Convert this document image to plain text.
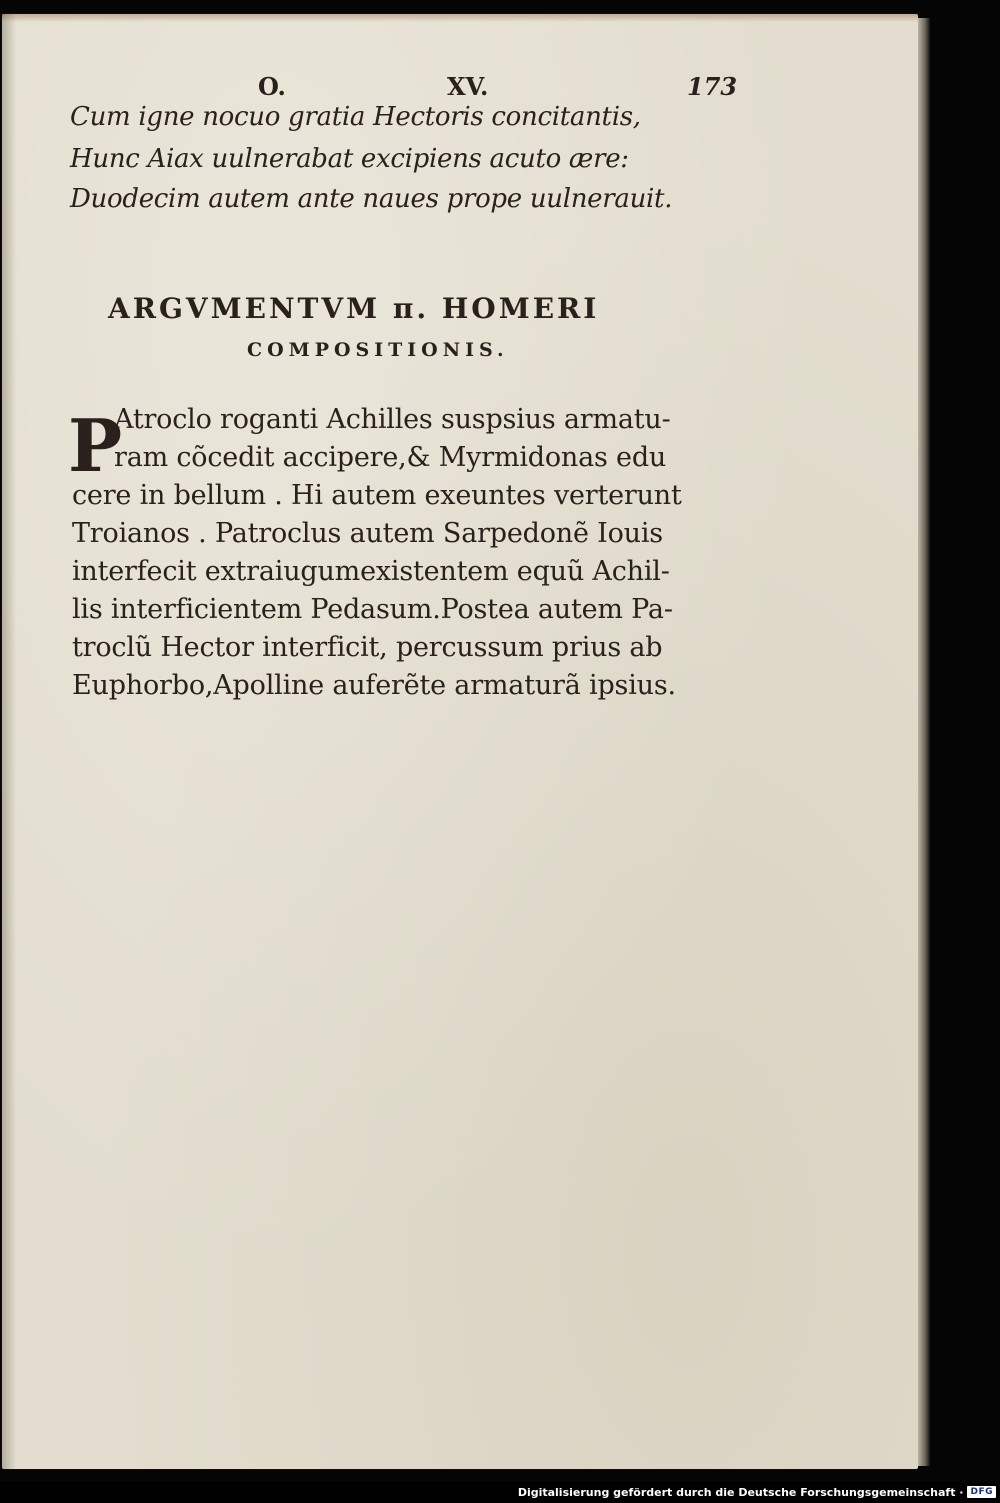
O.	XV.	173
Cum igne nocuo gratia Hectoris concitantis,
Hunc Aiax uulnerabat excipiens acuto ære:
Duodecim autem ante naues prope uulnerauit.
ARGVMENTVM π. HOMERI
COMPOSITIONIS.
P
Atroclo roganti Achilles suspsius armatu-
ram cõcedit accipere,& Myrmidonas edu
cere in bellum . Hi autem exeuntes verterunt
Troianos . Patroclus autem Sarpedonẽ Iouis
interfecit extraiugumexistentem equũ Achil-
lis interficientem Pedasum.Postea autem Pa-
troclũ Hector interficit, percussum prius ab
Euphorbo,Apolline auferẽte armaturã ipsius.
Digitalisierung gefördert durch die Deutsche Forschungsgemeinschaft · DFG
